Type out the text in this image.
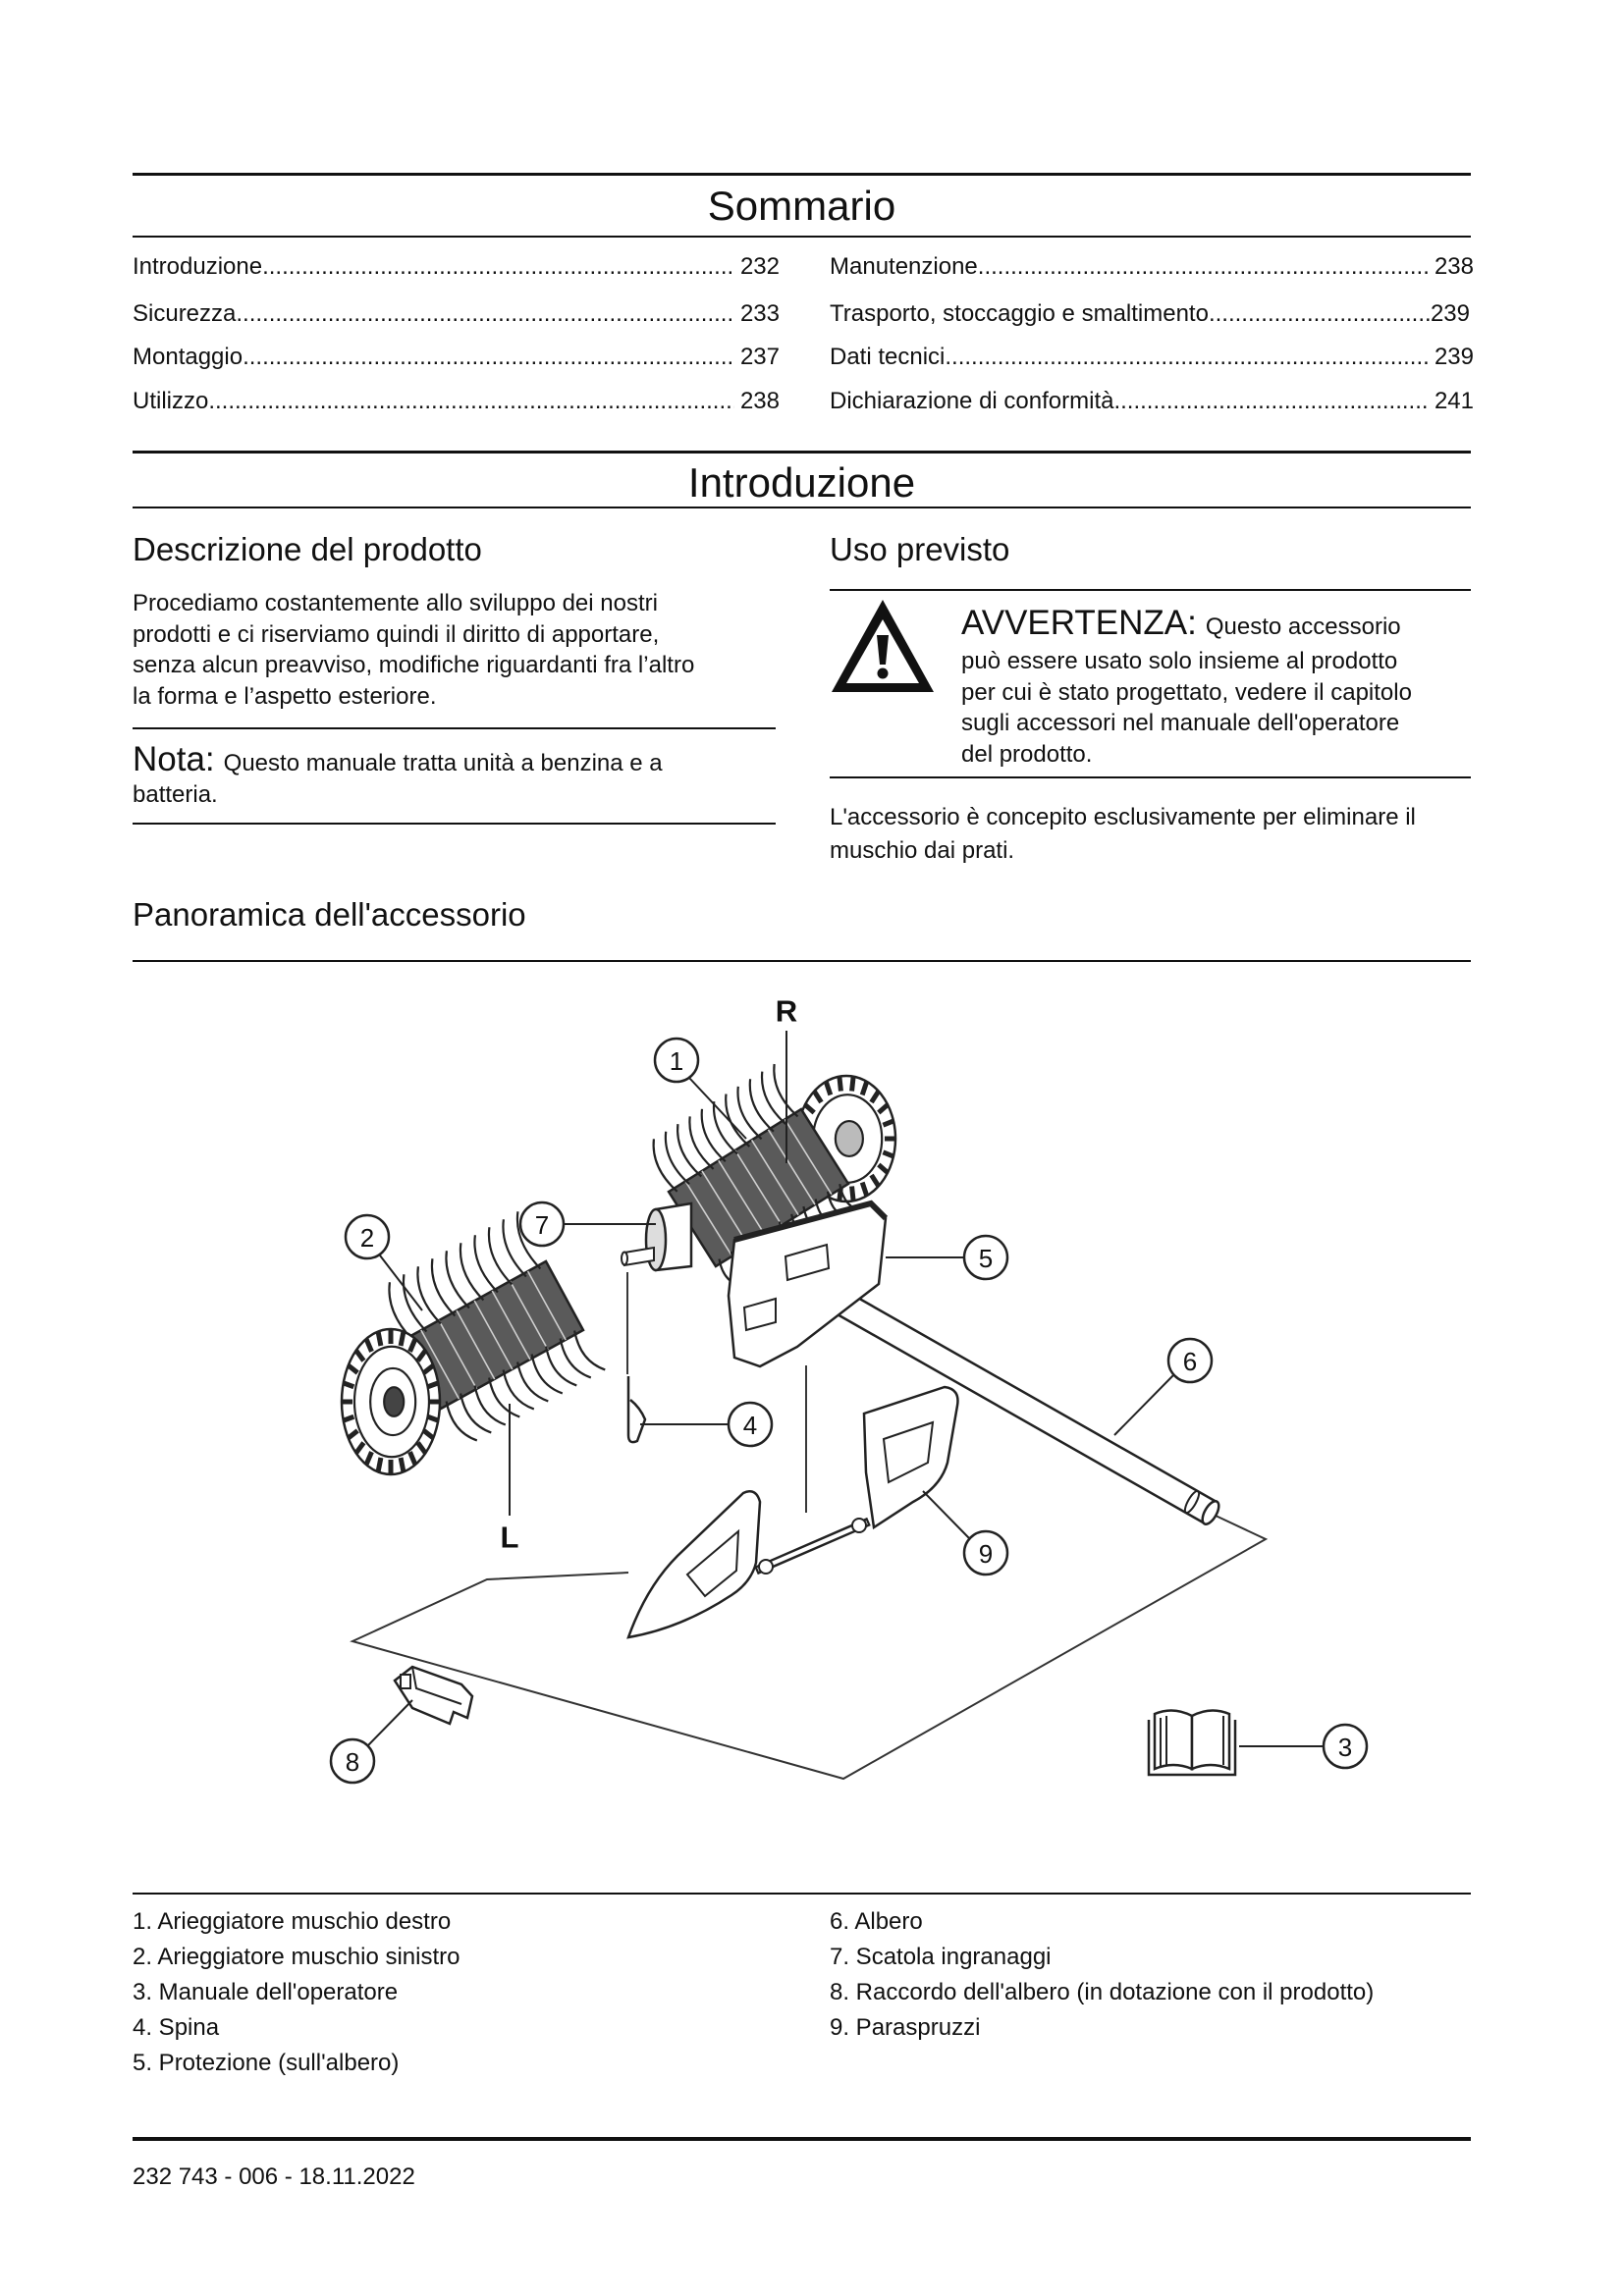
Sommario
Introduzione .....	232
Sicurezza .....	233
Montaggio .....	237
Utilizzo .....	238
Manutenzione .....	238
Trasporto, stoccaggio e smaltimento .....	239
Dati tecnici .....	239
Dichiarazione di conformità .....	241
Introduzione
Descrizione del prodotto
Procediamo costantemente allo sviluppo dei nostri
prodotti e ci riserviamo quindi il diritto di apportare,
senza alcun preavviso, modifiche riguardanti fra l’altro
la forma e l’aspetto esteriore.
Nota: Questo manuale tratta unità a benzina e a
batteria.
Uso previsto
AVVERTENZA: Questo accessorio
può essere usato solo insieme al prodotto
per cui è stato progettato, vedere il capitolo
sugli accessori nel manuale dell'operatore
del prodotto.
L'accessorio è concepito esclusivamente per eliminare il
muschio dai prati.
Panoramica dell'accessorio
1
2
3
4
5
6
7
8
9
R
L
1. Arieggiatore muschio destro
2. Arieggiatore muschio sinistro
3. Manuale dell'operatore
4. Spina
5. Protezione (sull'albero)
6. Albero
7. Scatola ingranaggi
8. Raccordo dell'albero (in dotazione con il prodotto)
9. Paraspruzzi
232 743 - 006 - 18.11.2022
